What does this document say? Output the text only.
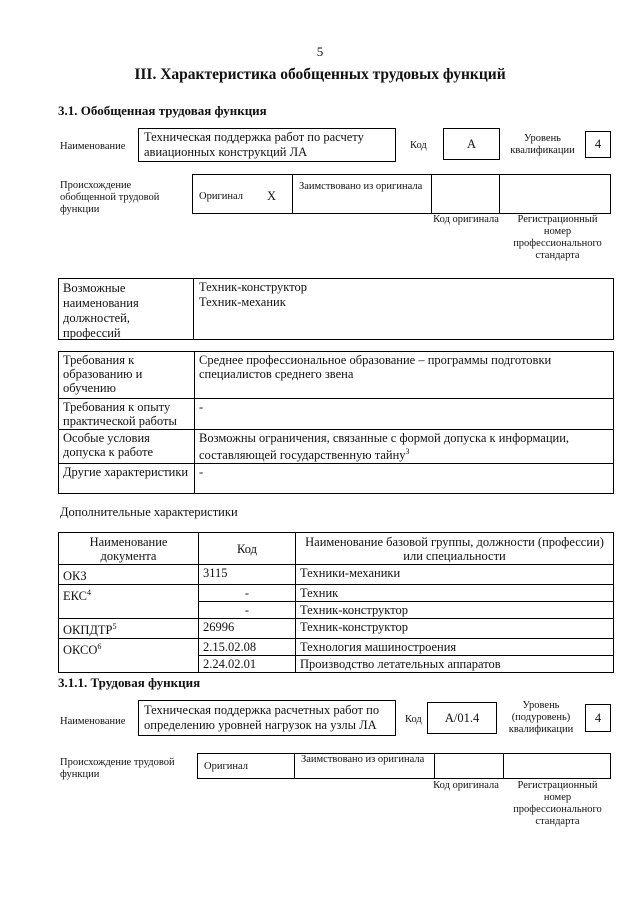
5
III. Характеристика обобщенных трудовых функций
3.1. Обобщенная трудовая функция
Наименование
Техническая поддержка работ по расчету авиационных конструкций ЛА	Код	А	Уровень квалификации	4
Происхождение обобщенной трудовой функции
Оригинал Х
Заимствовано из оригинала
Код оригинала	Регистрационный номер профессионального стандарта
Возможные наименования должностей, профессий
Техник-конструктор
Техник-механик
Требования к образованию и обучению	Среднее профессиональное образование – программы подготовки специалистов среднего звена
Требования к опыту практической работы	-
Особые условия допуска к работе	Возможны ограничения, связанные с формой допуска к информации, составляющей государственную тайну$^3$
Другие характеристики	-
Дополнительные характеристики
Наименование документа	Код	Наименование базовой группы, должности (профессии) или специальности
ОКЗ	3115	Техники-механики
ЕКС$^4$	-	Техник
	-	Техник-конструктор
ОКПДТР$^5$	26996	Техник-конструктор
ОКСО$^6$	2.15.02.08	Технология машиностроения
	2.24.02.01	Производство летательных аппаратов
3.1.1. Трудовая функция
Наименование
Техническая поддержка расчетных работ по определению уровней нагрузок на узлы ЛА	Код	А/01.4
Уровень (подуровень) квалификации
4
Происхождение трудовой функции
Оригинал
Заимствовано из оригинала
Код оригинала	Регистрационный номер профессионального стандарта
